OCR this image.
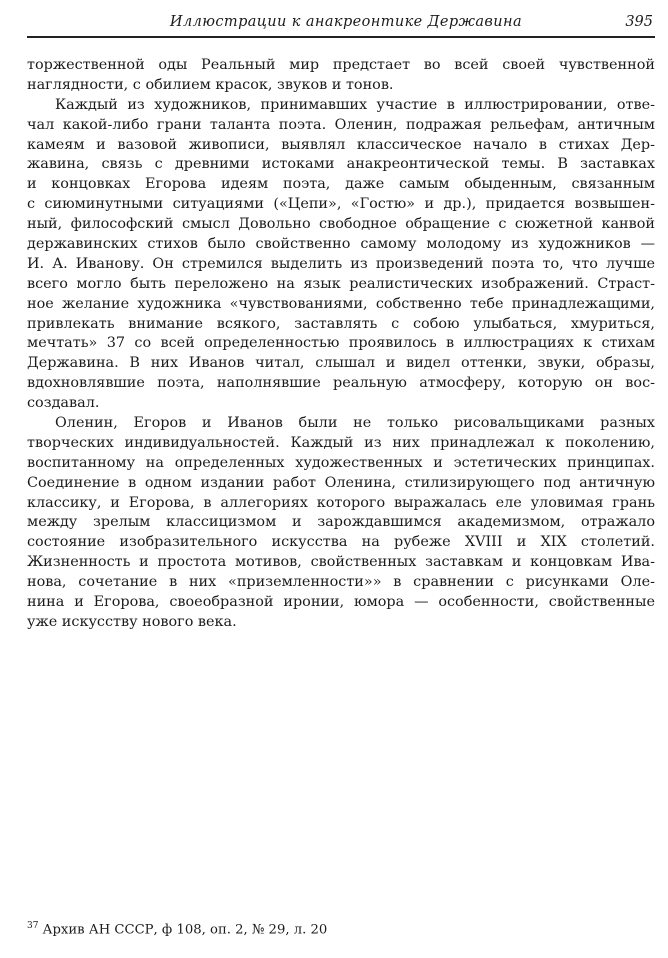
Иллюстрации к анакреонтике Державина	395
торжественной оды Реальный мир предстает во всей своей чувственной
наглядности, с обилием красок, звуков и тонов.
Каждый из художников, принимавших участие в иллюстрировании, отве-
чал какой-либо грани таланта поэта. Оленин, подражая рельефам, античным
камеям и вазовой живописи, выявлял классическое начало в стихах Дер-
жавина, связь с древними истоками анакреонтической темы. В заставках
и концовках Егорова идеям поэта, даже самым обыденным, связанным
с сиюминутными ситуациями («Цепи», «Гостю» и др.), придается возвышен-
ный, философский смысл Довольно свободное обращение с сюжетной канвой
державинских стихов было свойственно самому молодому из художников —
И. А. Иванову. Он стремился выделить из произведений поэта то, что лучше
всего могло быть переложено на язык реалистических изображений. Страст-
ное желание художника «чувствованиями, собственно тебе принадлежащими,
привлекать внимание всякого, заставлять с собою улыбаться, хмуриться,
мечтать» 37 со всей определенностью проявилось в иллюстрациях к стихам
Державина. В них Иванов читал, слышал и видел оттенки, звуки, образы,
вдохновлявшие поэта, наполнявшие реальную атмосферу, которую он вос-
создавал.
Оленин, Егоров и Иванов были не только рисовальщиками разных
творческих индивидуальностей. Каждый из них принадлежал к поколению,
воспитанному на определенных художественных и эстетических принципах.
Соединение в одном издании работ Оленина, стилизирующего под античную
классику, и Егорова, в аллегориях которого выражалась еле уловимая грань
между зрелым классицизмом и зарождавшимся академизмом, отражало
состояние изобразительного искусства на рубеже XVIII и XIX столетий.
Жизненность и простота мотивов, свойственных заставкам и концовкам Ива-
нова, сочетание в них «приземленности»» в сравнении с рисунками Оле-
нина и Егорова, своеобразной иронии, юмора — особенности, свойственные
уже искусству нового века.
$^{37}$ Архив АН СССР, ф 108, оп. 2, № 29, л. 20
